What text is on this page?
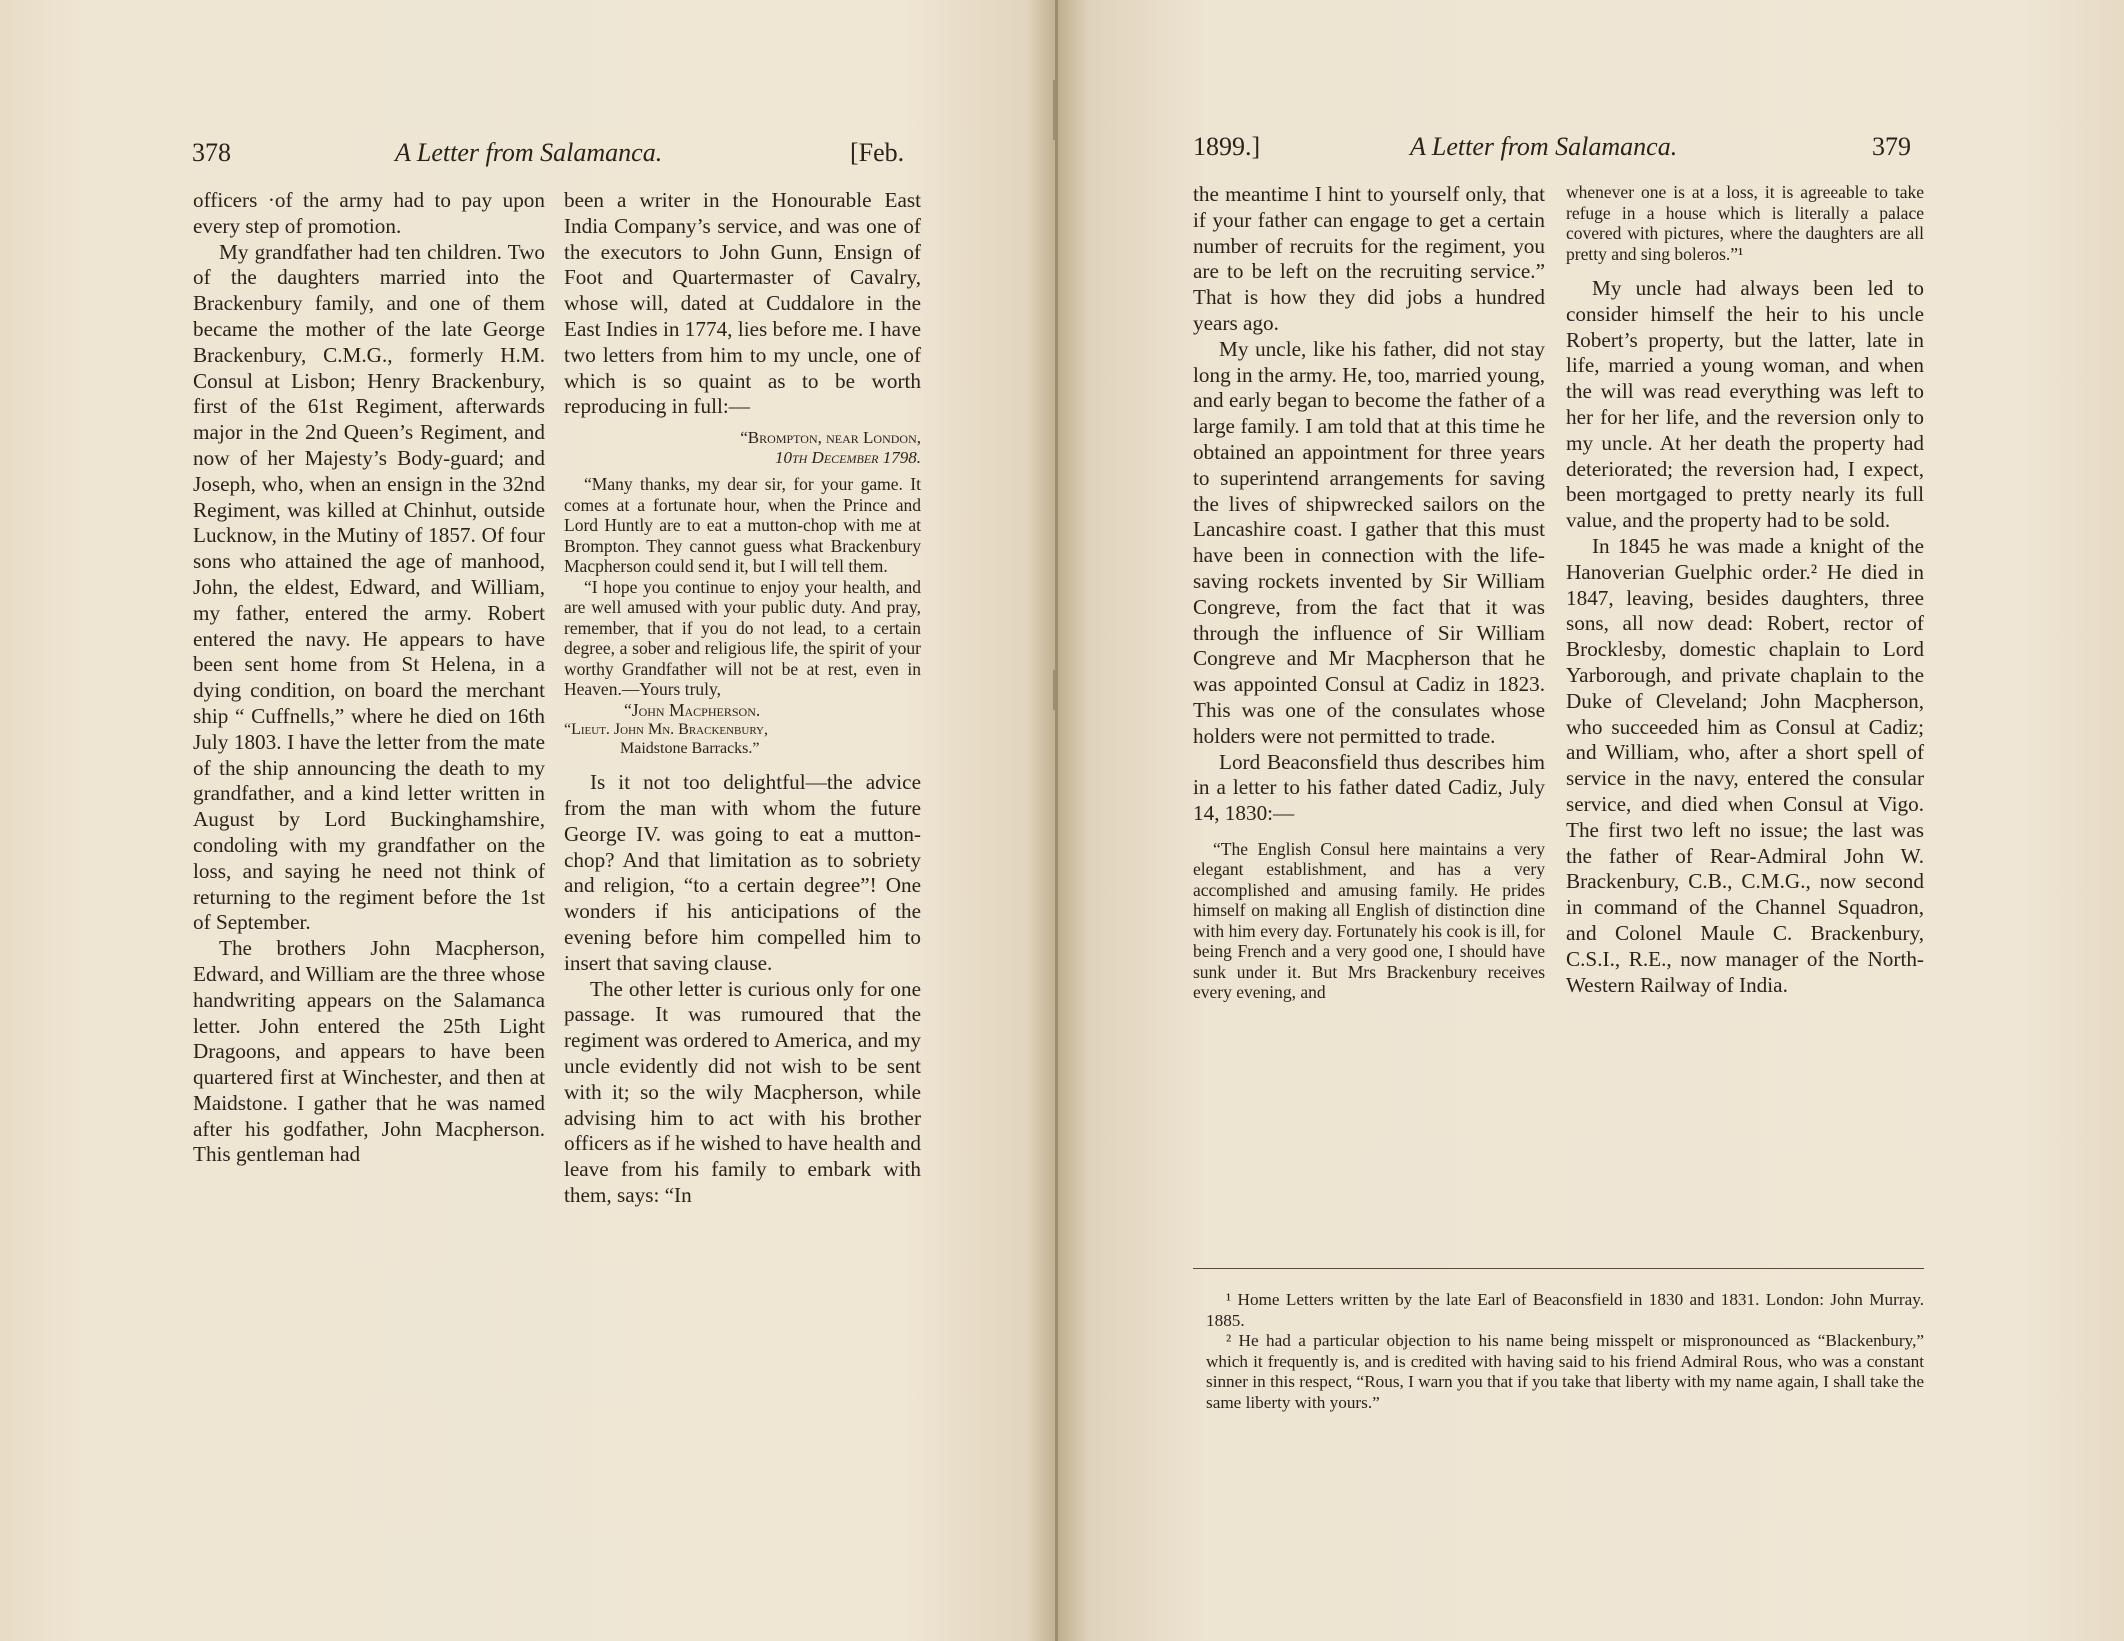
378	A Letter from Salamanca.	[Feb.

officers ·of the army had to pay upon every step of promotion.

My grandfather had ten children. Two of the daughters married into the Brackenbury family, and one of them became the mother of the late George Brackenbury, C.M.G., formerly H.M. Consul at Lisbon; Henry Brackenbury, first of the 61st Regiment, afterwards major in the 2nd Queen’s Regiment, and now of her Majesty’s Body-guard; and Joseph, who, when an ensign in the 32nd Regiment, was killed at Chinhut, outside Lucknow, in the Mutiny of 1857. Of four sons who attained the age of manhood, John, the eldest, Edward, and William, my father, entered the army. Robert entered the navy. He appears to have been sent home from St Helena, in a dying condition, on board the merchant ship “ Cuffnells,” where he died on 16th July 1803. I have the letter from the mate of the ship announcing the death to my grandfather, and a kind letter written in August by Lord Buckinghamshire, condoling with my grandfather on the loss, and saying he need not think of returning to the regiment before the 1st of September.

The brothers John Macpherson, Edward, and William are the three whose handwriting appears on the Salamanca letter. John entered the 25th Light Dragoons, and appears to have been quartered first at Winchester, and then at Maidstone. I gather that he was named after his godfather, John Macpherson. This gentleman had

been a writer in the Honourable East India Company’s service, and was one of the executors to John Gunn, Ensign of Foot and Quartermaster of Cavalry, whose will, dated at Cuddalore in the East Indies in 1774, lies before me. I have two letters from him to my uncle, one of which is so quaint as to be worth reproducing in full:—

“Brompton, near London,
10th December 1798.

“Many thanks, my dear sir, for your game. It comes at a fortunate hour, when the Prince and Lord Huntly are to eat a mutton-chop with me at Brompton. They cannot guess what Brackenbury Macpherson could send it, but I will tell them.

“I hope you continue to enjoy your health, and are well amused with your public duty. And pray, remember, that if you do not lead, to a certain degree, a sober and religious life, the spirit of your worthy Grandfather will not be at rest, even in Heaven.—Yours truly,

“John Macpherson.

“Lieut. John Mn. Brackenbury,
Maidstone Barracks.”

Is it not too delightful—the advice from the man with whom the future George IV. was going to eat a mutton-chop? And that limitation as to sobriety and religion, “to a certain degree”! One wonders if his anticipations of the evening before him compelled him to insert that saving clause.

The other letter is curious only for one passage. It was rumoured that the regiment was ordered to America, and my uncle evidently did not wish to be sent with it; so the wily Macpherson, while advising him to act with his brother officers as if he wished to have health and leave from his family to embark with them, says: “In

1899.]	A Letter from Salamanca.	379

the meantime I hint to yourself only, that if your father can engage to get a certain number of recruits for the regiment, you are to be left on the recruiting service.” That is how they did jobs a hundred years ago.

My uncle, like his father, did not stay long in the army. He, too, married young, and early began to become the father of a large family. I am told that at this time he obtained an appointment for three years to superintend arrangements for saving the lives of shipwrecked sailors on the Lancashire coast. I gather that this must have been in connection with the life-saving rockets invented by Sir William Congreve, from the fact that it was through the influence of Sir William Congreve and Mr Macpherson that he was appointed Consul at Cadiz in 1823. This was one of the consulates whose holders were not permitted to trade.

Lord Beaconsfield thus describes him in a letter to his father dated Cadiz, July 14, 1830:—

“The English Consul here maintains a very elegant establishment, and has a very accomplished and amusing family. He prides himself on making all English of distinction dine with him every day. Fortunately his cook is ill, for being French and a very good one, I should have sunk under it. But Mrs Brackenbury receives every evening, and

whenever one is at a loss, it is agreeable to take refuge in a house which is literally a palace covered with pictures, where the daughters are all pretty and sing boleros.”¹

My uncle had always been led to consider himself the heir to his uncle Robert’s property, but the latter, late in life, married a young woman, and when the will was read everything was left to her for her life, and the reversion only to my uncle. At her death the property had deteriorated; the reversion had, I expect, been mortgaged to pretty nearly its full value, and the property had to be sold.

In 1845 he was made a knight of the Hanoverian Guelphic order.² He died in 1847, leaving, besides daughters, three sons, all now dead: Robert, rector of Brocklesby, domestic chaplain to Lord Yarborough, and private chaplain to the Duke of Cleveland; John Macpherson, who succeeded him as Consul at Cadiz; and William, who, after a short spell of service in the navy, entered the consular service, and died when Consul at Vigo. The first two left no issue; the last was the father of Rear-Admiral John W. Brackenbury, C.B., C.M.G., now second in command of the Channel Squadron, and Colonel Maule C. Brackenbury, C.S.I., R.E., now manager of the North-Western Railway of India.

¹ Home Letters written by the late Earl of Beaconsfield in 1830 and 1831. London: John Murray. 1885.

² He had a particular objection to his name being misspelt or mispronounced as “Blackenbury,” which it frequently is, and is credited with having said to his friend Admiral Rous, who was a constant sinner in this respect, “Rous, I warn you that if you take that liberty with my name again, I shall take the same liberty with yours.”
